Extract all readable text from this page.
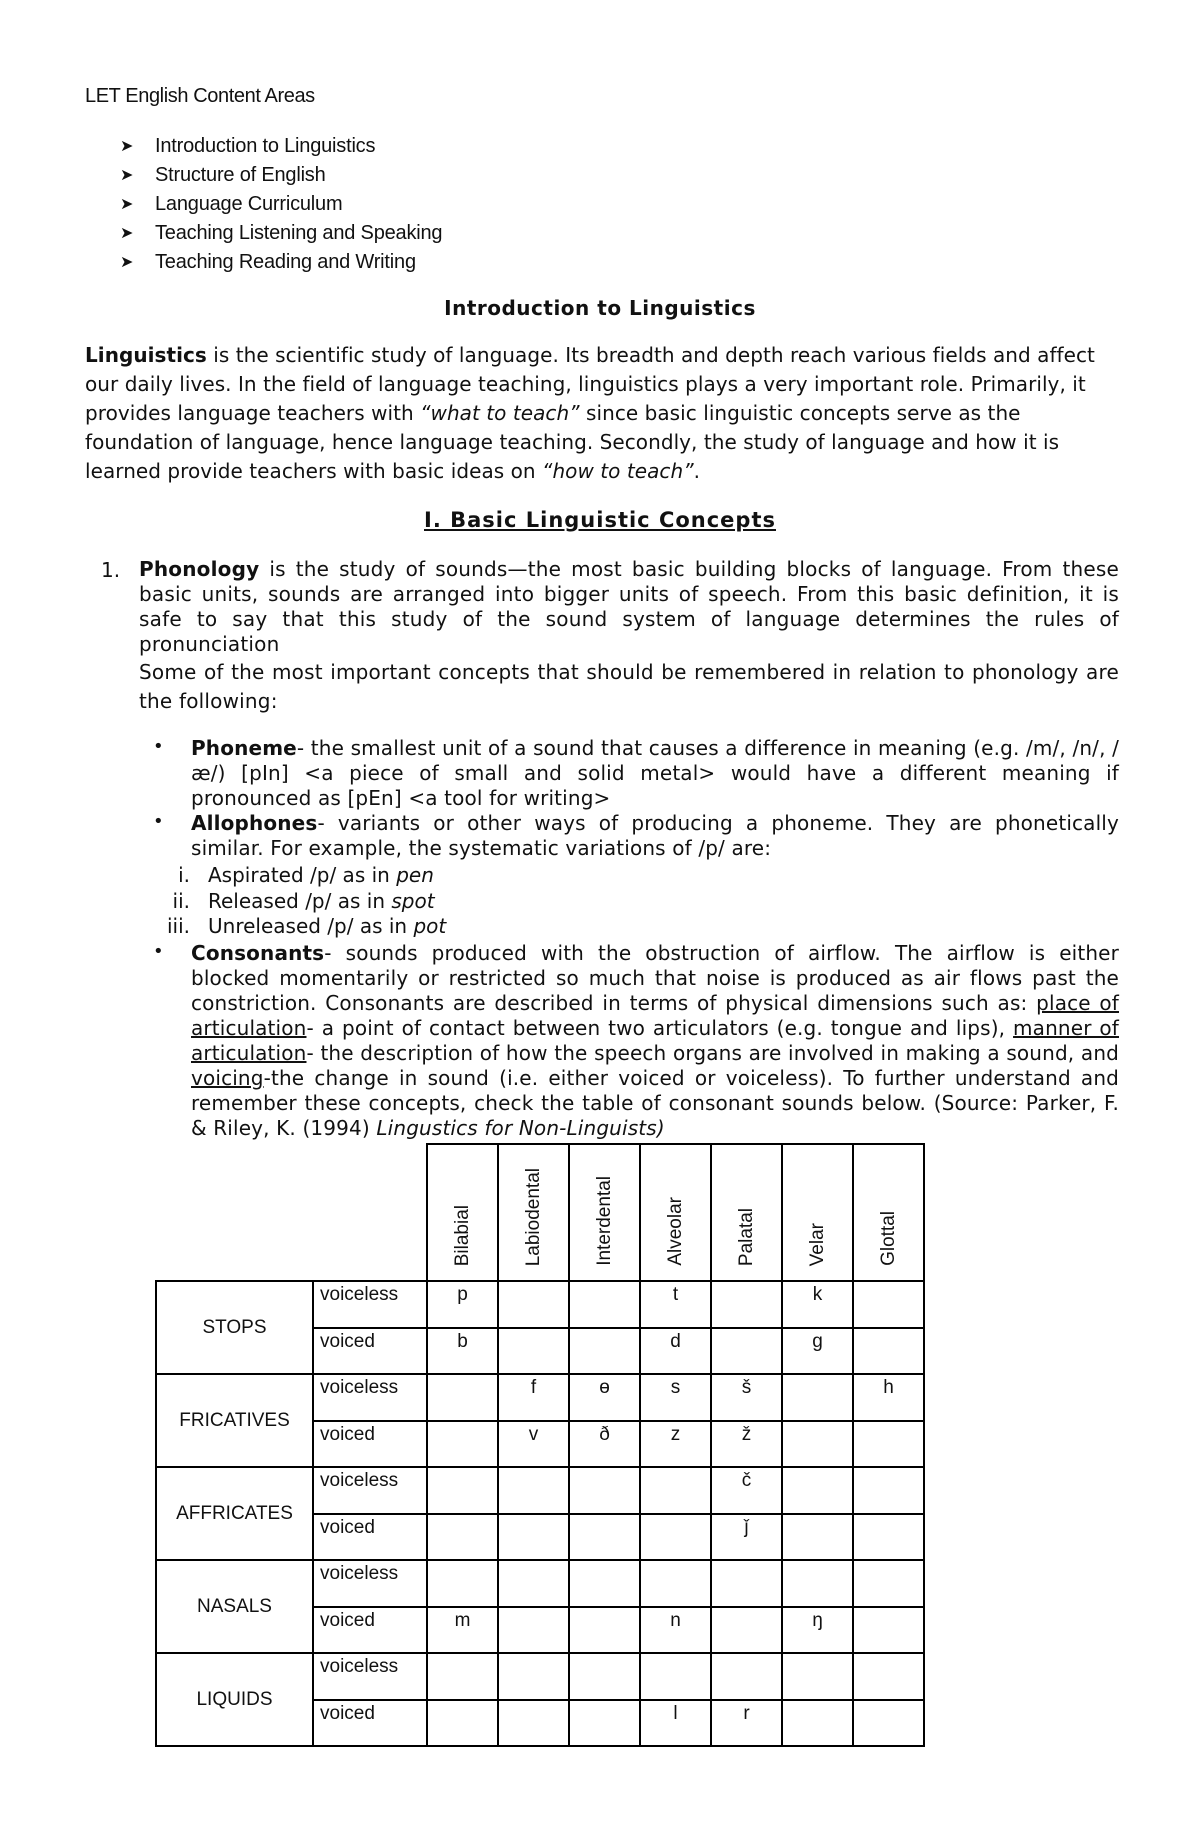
LET English Content Areas
➤ Introduction to Linguistics
➤ Structure of English
➤ Language Curriculum
➤ Teaching Listening and Speaking
➤ Teaching Reading and Writing
Introduction to Linguistics
Linguistics is the scientific study of language. Its breadth and depth reach various fields and affect our daily lives. In the field of language teaching, linguistics plays a very important role. Primarily, it provides language teachers with “what to teach” since basic linguistic concepts serve as the foundation of language, hence language teaching. Secondly, the study of language and how it is learned provide teachers with basic ideas on “how to teach”.
I. Basic Linguistic Concepts
1. Phonology is the study of sounds—the most basic building blocks of language. From these basic units, sounds are arranged into bigger units of speech. From this basic definition, it is safe to say that this study of the sound system of language determines the rules of pronunciation
Some of the most important concepts that should be remembered in relation to phonology are the following:
• Phoneme- the smallest unit of a sound that causes a difference in meaning (e.g. /m/, /n/, /æ/) [pIn] <a piece of small and solid metal> would have a different meaning if pronounced as [pEn] <a tool for writing>
• Allophones- variants or other ways of producing a phoneme. They are phonetically similar. For example, the systematic variations of /p/ are:
i. Aspirated /p/ as in pen
ii. Released /p/ as in spot
iii. Unreleased /p/ as in pot
• Consonants- sounds produced with the obstruction of airflow. The airflow is either blocked momentarily or restricted so much that noise is produced as air flows past the constriction. Consonants are described in terms of physical dimensions such as: place of articulation- a point of contact between two articulators (e.g. tongue and lips), manner of articulation- the description of how the speech organs are involved in making a sound, and voicing-the change in sound (i.e. either voiced or voiceless). To further understand and remember these concepts, check the table of consonant sounds below. (Source: Parker, F. & Riley, K. (1994) Lingustics for Non-Linguists)
		Bilabial	Labiodental	Interdental	Alveolar	Palatal	Velar	Glottal
STOPS	voiceless	p			t		k	
	voiced	b			d		g	
FRICATIVES	voiceless		f	ɵ	s	š		h
	voiced		v	ð	z	ž		
AFFRICATES	voiceless					č		
	voiced					ǰ		
NASALS	voiceless							
	voiced	m			n		ŋ	
LIQUIDS	voiceless							
	voiced				l	r		
